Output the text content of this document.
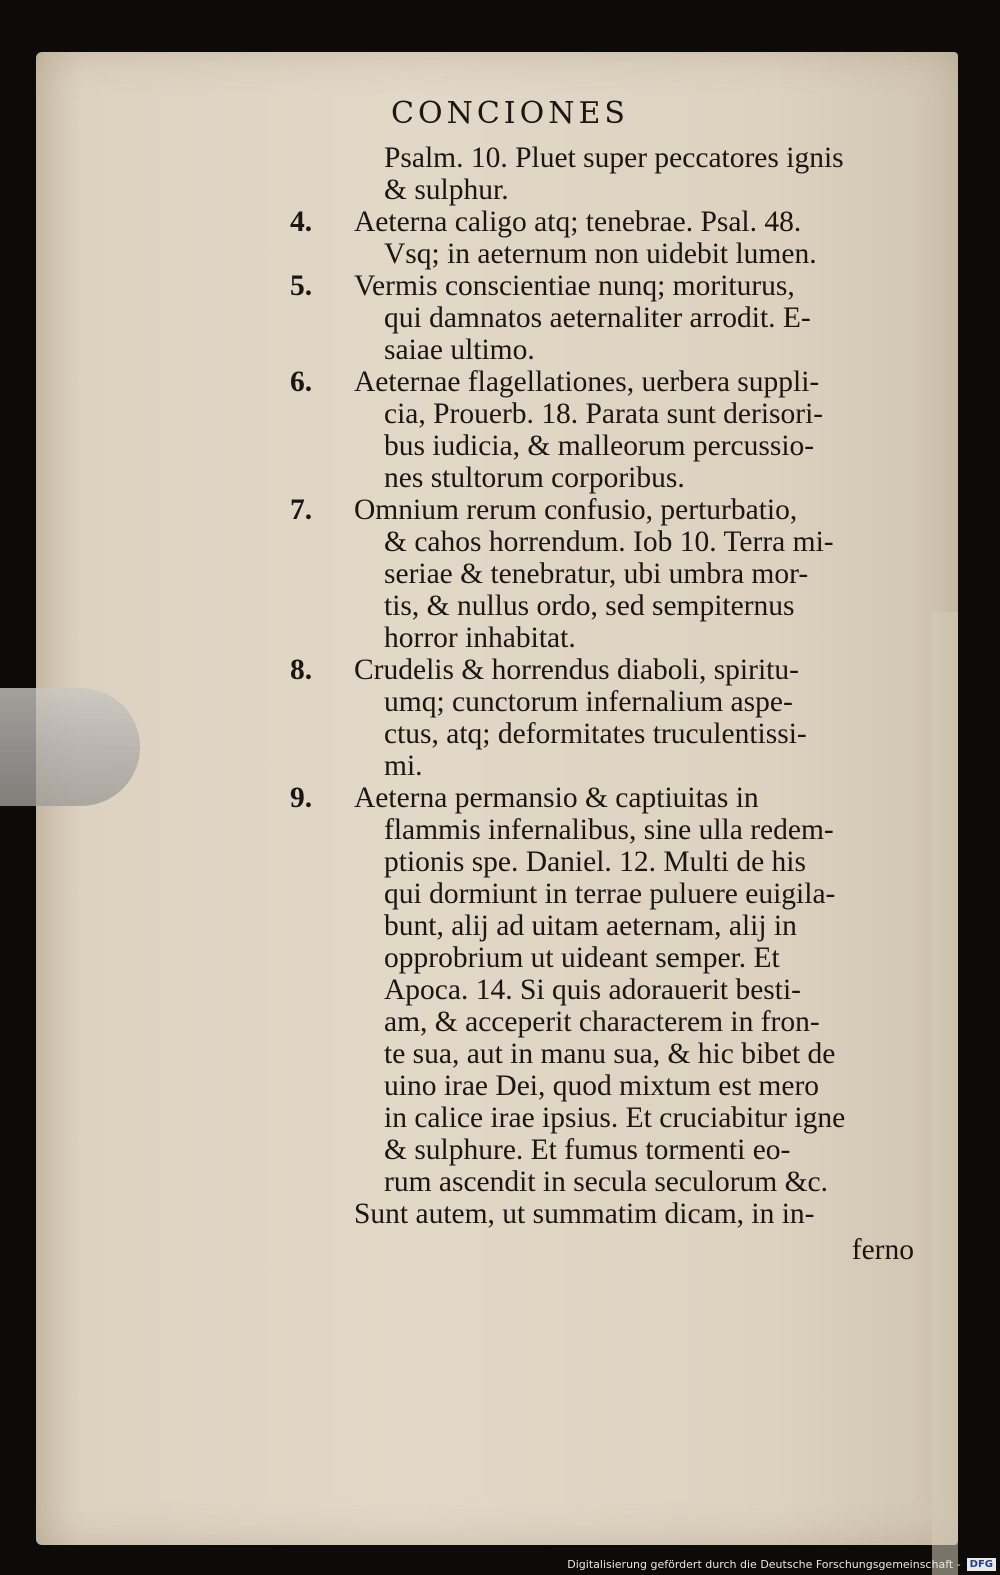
CONCIONES
Psalm. 10. Pluet super peccatores ignis
& sulphur.
4.	Aeterna caligo atq; tenebrae. Psal. 48.
Vsq; in aeternum non uidebit lumen.
5.	Vermis conscientiae nunq; moriturus,
qui damnatos aeternaliter arrodit. E-
saiae ultimo.
6.	Aeternae flagellationes, uerbera suppli-
cia, Prouerb. 18. Parata sunt derisori-
bus iudicia, & malleorum percussio-
nes stultorum corporibus.
7.	Omnium rerum confusio, perturbatio,
& cahos horrendum. Iob 10. Terra mi-
seriae & tenebratur, ubi umbra mor-
tis, & nullus ordo, sed sempiternus
horror inhabitat.
8.	Crudelis & horrendus diaboli, spiritu-
umq; cunctorum infernalium aspe-
ctus, atq; deformitates truculentissi-
mi.
9.	Aeterna permansio & captiuitas in
flammis infernalibus, sine ulla redem-
ptionis spe. Daniel. 12. Multi de his
qui dormiunt in terrae puluere euigila-
bunt, alij ad uitam aeternam, alij in
opprobrium ut uideant semper. Et
Apoca. 14. Si quis adorauerit besti-
am, & acceperit characterem in fron-
te sua, aut in manu sua, & hic bibet de
uino irae Dei, quod mixtum est mero
in calice irae ipsius. Et cruciabitur igne
& sulphure. Et fumus tormenti eo-
rum ascendit in secula seculorum &c.
Sunt autem, ut summatim dicam, in in-
ferno
Digitalisierung gefördert durch die Deutsche Forschungsgemeinschaft - DFG
